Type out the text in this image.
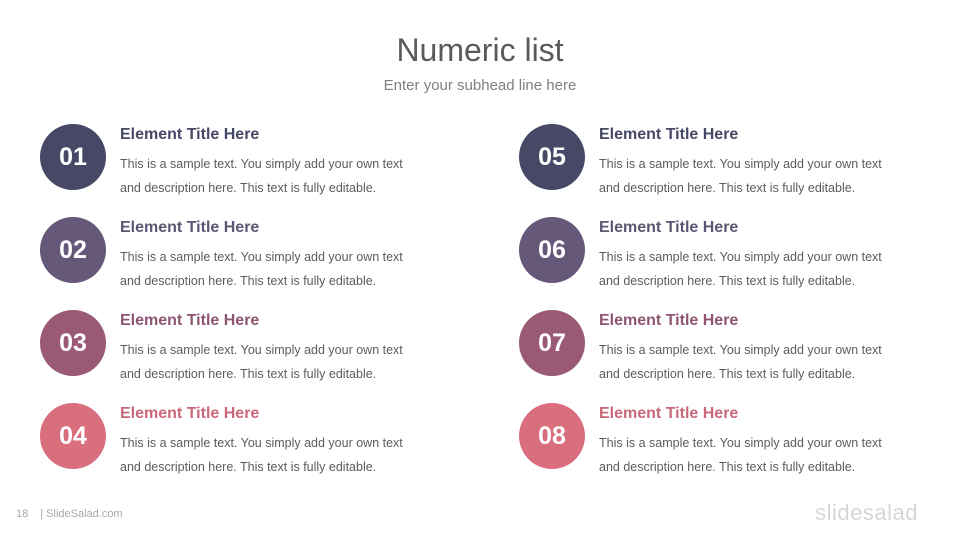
Numeric list
Enter your subhead line here
01
Element Title Here
This is a sample text. You simply add your own text
and description here. This text is fully editable.
02
Element Title Here
This is a sample text. You simply add your own text
and description here. This text is fully editable.
03
Element Title Here
This is a sample text. You simply add your own text
and description here. This text is fully editable.
04
Element Title Here
This is a sample text. You simply add your own text
and description here. This text is fully editable.
05
Element Title Here
This is a sample text. You simply add your own text
and description here. This text is fully editable.
06
Element Title Here
This is a sample text. You simply add your own text
and description here. This text is fully editable.
07
Element Title Here
This is a sample text. You simply add your own text
and description here. This text is fully editable.
08
Element Title Here
This is a sample text. You simply add your own text
and description here. This text is fully editable.
18 | SlideSalad.com	slidesalad
